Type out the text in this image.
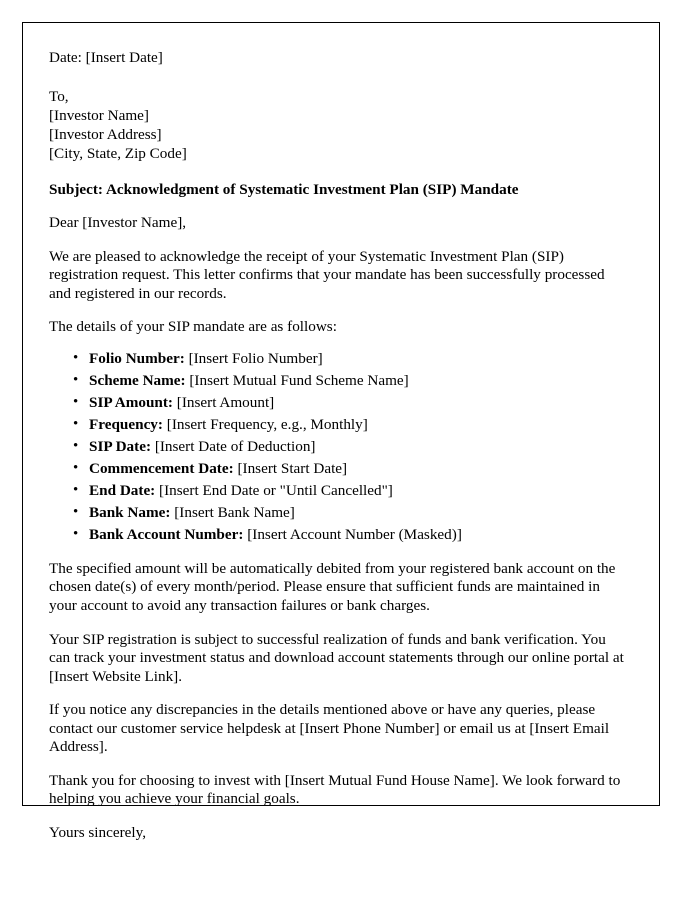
Date: [Insert Date]
To,
[Investor Name]
[Investor Address]
[City, State, Zip Code]
Subject: Acknowledgment of Systematic Investment Plan (SIP) Mandate
Dear [Investor Name],
We are pleased to acknowledge the receipt of your Systematic Investment Plan (SIP) registration request. This letter confirms that your mandate has been successfully processed and registered in our records.
The details of your SIP mandate are as follows:
• Folio Number: [Insert Folio Number]
• Scheme Name: [Insert Mutual Fund Scheme Name]
• SIP Amount: [Insert Amount]
• Frequency: [Insert Frequency, e.g., Monthly]
• SIP Date: [Insert Date of Deduction]
• Commencement Date: [Insert Start Date]
• End Date: [Insert End Date or "Until Cancelled"]
• Bank Name: [Insert Bank Name]
• Bank Account Number: [Insert Account Number (Masked)]
The specified amount will be automatically debited from your registered bank account on the chosen date(s) of every month/period. Please ensure that sufficient funds are maintained in your account to avoid any transaction failures or bank charges.
Your SIP registration is subject to successful realization of funds and bank verification. You can track your investment status and download account statements through our online portal at [Insert Website Link].
If you notice any discrepancies in the details mentioned above or have any queries, please contact our customer service helpdesk at [Insert Phone Number] or email us at [Insert Email Address].
Thank you for choosing to invest with [Insert Mutual Fund House Name]. We look forward to helping you achieve your financial goals.
Yours sincerely,
